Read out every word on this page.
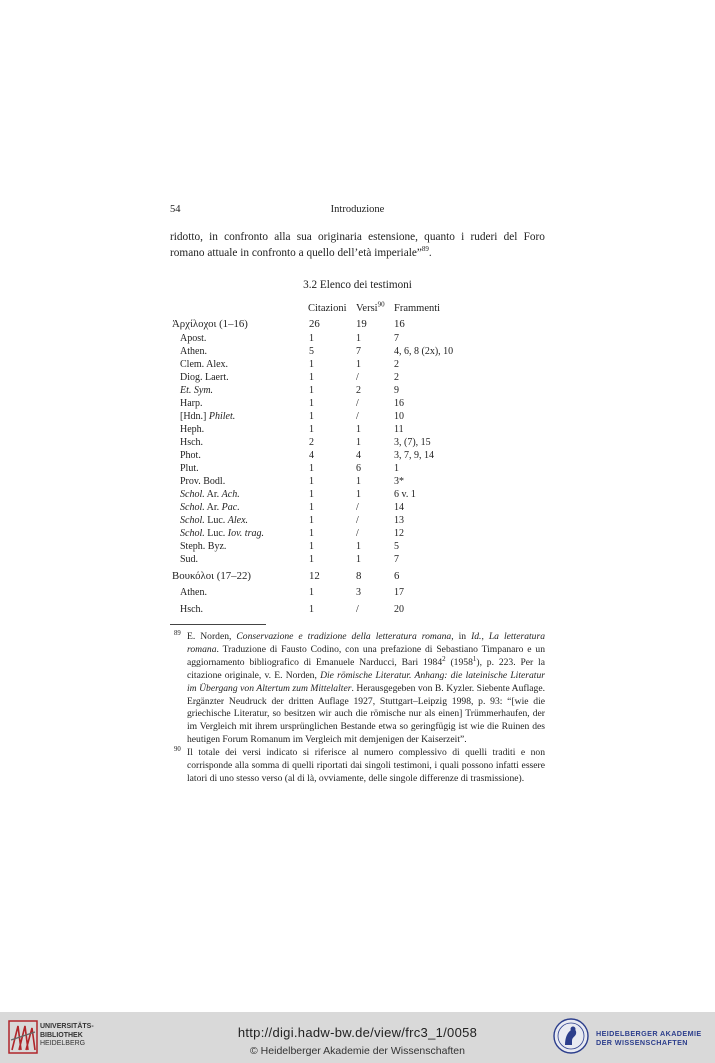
54	Introduzione
ridotto, in confronto alla sua originaria estensione, quanto i ruderi del Foro
romano attuale in confronto a quello dell’età imperiale”$^{89}$.
3.2 Elenco dei testimoni
Citazioni Versi$^{90}$ Frammenti
Ἀρχίλοχοι (1–16)	26	19	16
Apost.	1	1	7
Athen.	5	7	4, 6, 8 (2x), 10
Clem. Alex.	1	1	2
Diog. Laert.	1	/	2
Et. Sym.	1	2	9
Harp.	1	/	16
[Hdn.] Philet.	1	/	10
Heph.	1	1	11
Hsch.	2	1	3, (7), 15
Phot.	4	4	3, 7, 9, 14
Plut.	1	6	1
Prov. Bodl.	1	1	3*
Schol. Ar. Ach.	1	1	6 v. 1
Schol. Ar. Pac.	1	/	14
Schol. Luc. Alex.	1	/	13
Schol. Luc. Iov. trag.	1	/	12
Steph. Byz.	1	1	5
Sud.	1	1	7
Βουκόλοι (17–22)	12	8	6
Athen.	1	3	17
Hsch.	1	/	20
89 E. Norden, Conservazione e tradizione della letteratura romana, in Id., La letteratura romana. Traduzione di Fausto Codino, con una prefazione di Sebastiano Timpanaro e un aggiornamento bibliografico di Emanuele Narducci, Bari 1984$^2$ (1958$^1$), p. 223. Per la citazione originale, v. E. Norden, Die römische Literatur. Anhang: die lateinische Literatur im Übergang von Altertum zum Mittelalter. Herausgegeben von B. Kyzler. Siebente Auflage. Ergänzter Neudruck der dritten Auflage 1927, Stuttgart–Leipzig 1998, p. 93: “[wie die griechische Literatur, so besitzen wir auch die römische nur als einen] Trümmerhaufen, der im Vergleich mit ihrem ursprünglichen Bestande etwa so geringfügig ist wie die Ruinen des heutigen Forum Romanum im Vergleich mit demjenigen der Kaiserzeit”.
90 Il totale dei versi indicato si riferisce al numero complessivo di quelli traditi e non corrisponde alla somma di quelli riportati dai singoli testimoni, i quali possono infatti essere latori di uno stesso verso (al di là, ovviamente, delle singole differenze di trasmissione).
UNIVERSITÄTS-
BIBLIOTHEK
HEIDELBERG
http://digi.hadw-bw.de/view/frc3_1/0058
© Heidelberger Akademie der Wissenschaften
HEIDELBERGER AKADEMIE
DER WISSENSCHAFTEN
